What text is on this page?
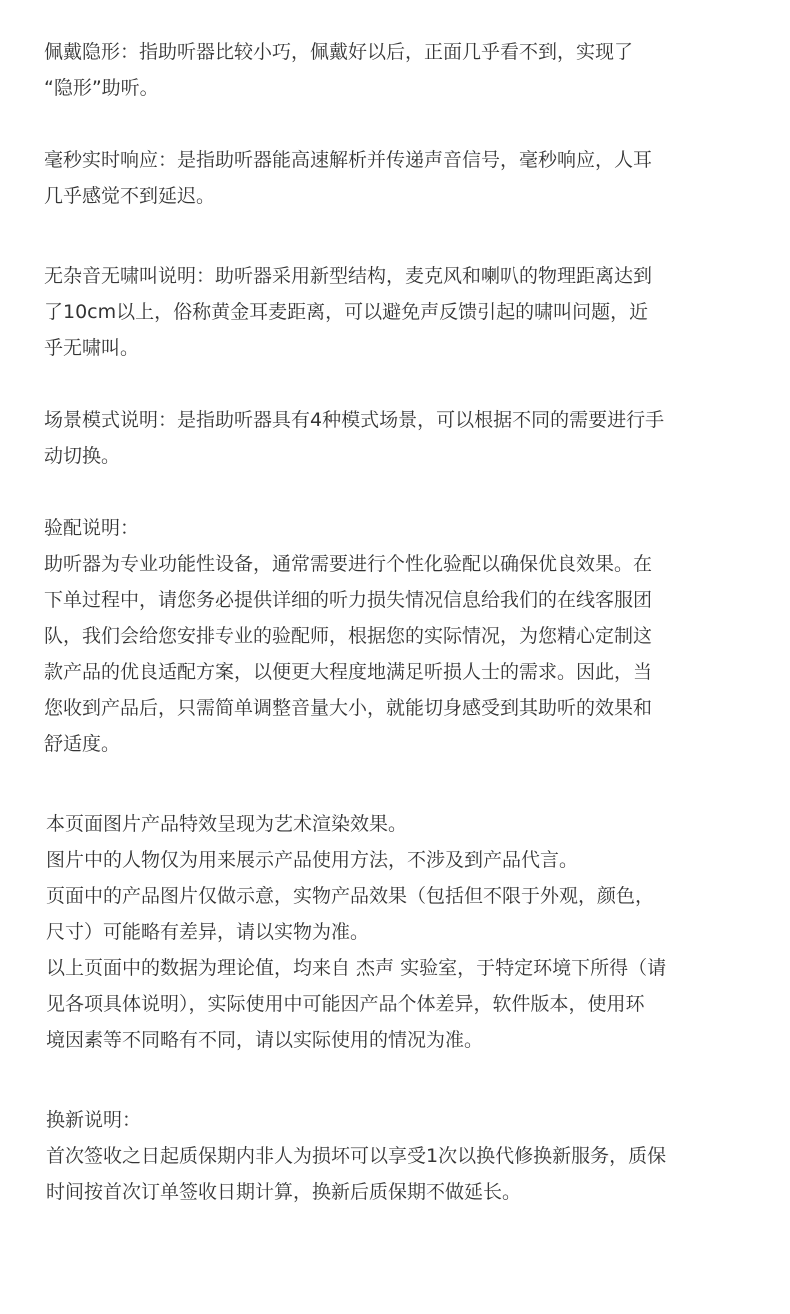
佩戴隐形：指助听器比较小巧，佩戴好以后，正面几乎看不到，实现了

“隐形”助听。

毫秒实时响应：是指助听器能高速解析并传递声音信号，毫秒响应，人耳

几乎感觉不到延迟。

无杂音无啸叫说明：助听器采用新型结构，麦克风和喇叭的物理距离达到

了10cm以上，俗称黄金耳麦距离，可以避免声反馈引起的啸叫问题，近

乎无啸叫。

场景模式说明：是指助听器具有4种模式场景，可以根据不同的需要进行手

动切换。

验配说明：

助听器为专业功能性设备，通常需要进行个性化验配以确保优良效果。在

下单过程中，请您务必提供详细的听力损失情况信息给我们的在线客服团

队，我们会给您安排专业的验配师，根据您的实际情况，为您精心定制这

款产品的优良适配方案，以便更大程度地满足听损人士的需求。因此，当

您收到产品后，只需简单调整音量大小，就能切身感受到其助听的效果和

舒适度。

本页面图片产品特效呈现为艺术渲染效果。

图片中的人物仅为用来展示产品使用方法，不涉及到产品代言。

页面中的产品图片仅做示意，实物产品效果（包括但不限于外观，颜色，

尺寸）可能略有差异，请以实物为准。

以上页面中的数据为理论值，均来自 杰声 实验室，于特定环境下所得（请

见各项具体说明），实际使用中可能因产品个体差异，软件版本，使用环

境因素等不同略有不同，请以实际使用的情况为准。

换新说明：

首次签收之日起质保期内非人为损坏可以享受1次以换代修换新服务，质保

时间按首次订单签收日期计算，换新后质保期不做延长。
